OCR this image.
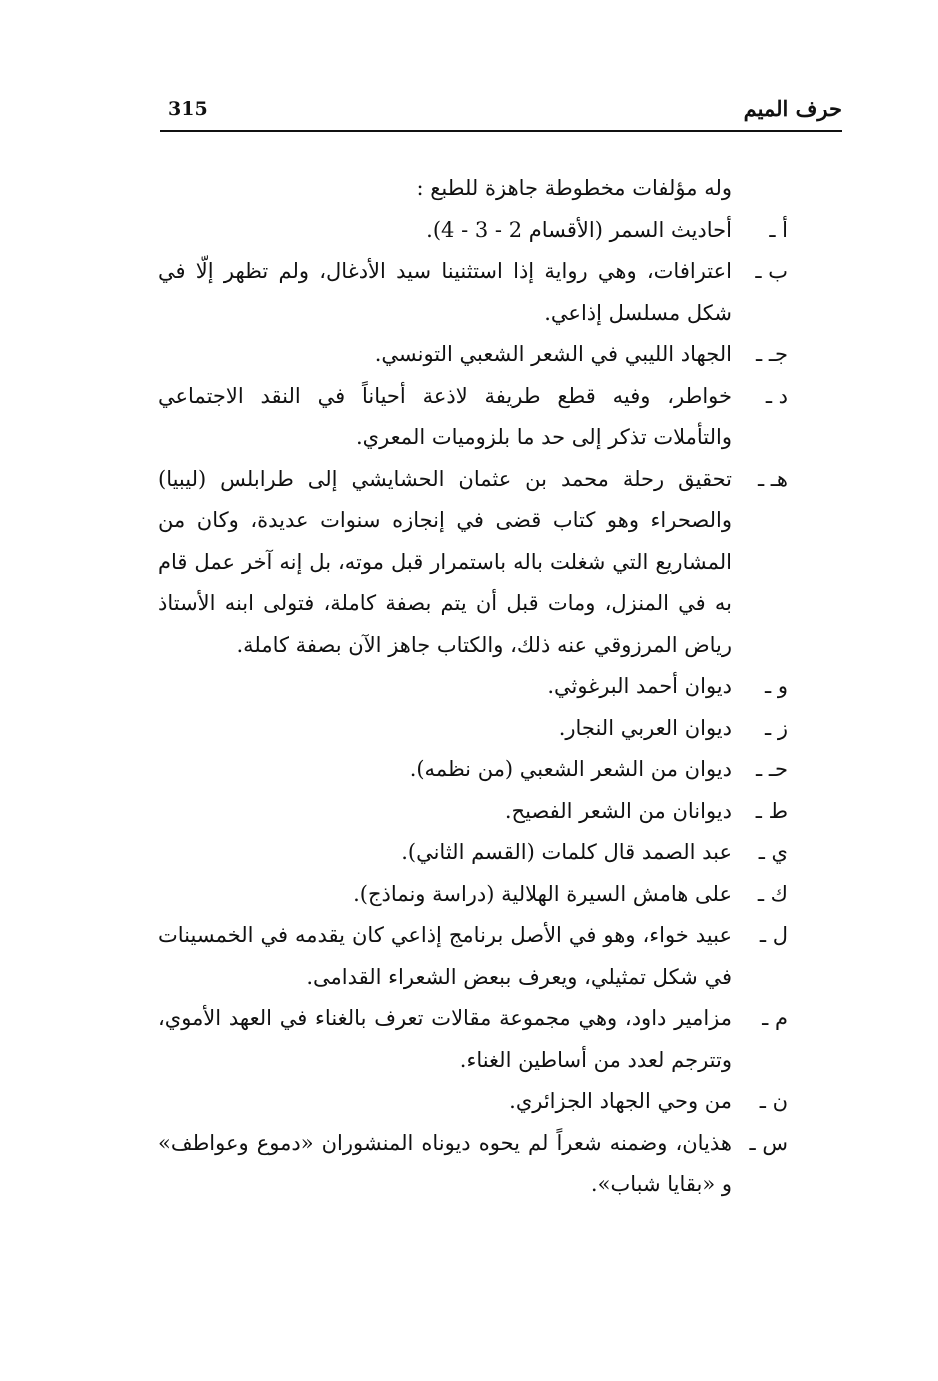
315	حرف الميم

وله مؤلفات مخطوطة جاهزة للطبع :

أ ـ
أحاديث السمر (الأقسام 2 - 3 - 4).
ب ـ
اعترافات، وهي رواية إذا استثنينا سيد الأدغال، ولم تظهر إلّا في شكل مسلسل إذاعي.
جـ ـ
الجهاد الليبي في الشعر الشعبي التونسي.
د ـ
خواطر، وفيه قطع طريفة لاذعة أحياناً في النقد الاجتماعي والتأملات تذكر إلى حد ما بلزوميات المعري.
هـ ـ
تحقيق رحلة محمد بن عثمان الحشايشي إلى طرابلس (ليبيا) والصحراء وهو كتاب قضى في إنجازه سنوات عديدة، وكان من المشاريع التي شغلت باله باستمرار قبل موته، بل إنه آخر عمل قام به في المنزل، ومات قبل أن يتم بصفة كاملة، فتولى ابنه الأستاذ رياض المرزوقي عنه ذلك، والكتاب جاهز الآن بصفة كاملة.
و ـ
ديوان أحمد البرغوثي.
ز ـ
ديوان العربي النجار.
حـ ـ
ديوان من الشعر الشعبي (من نظمه).
ط ـ
ديوانان من الشعر الفصيح.
ي ـ
عبد الصمد قال كلمات (القسم الثاني).
ك ـ
على هامش السيرة الهلالية (دراسة ونماذج).
ل ـ
عبيد خواء، وهو في الأصل برنامج إذاعي كان يقدمه في الخمسينات في شكل تمثيلي، ويعرف ببعض الشعراء القدامى.
م ـ
مزامير داود، وهي مجموعة مقالات تعرف بالغناء في العهد الأموي، وتترجم لعدد من أساطين الغناء.
ن ـ
من وحي الجهاد الجزائري.
س ـ
هذيان، وضمنه شعراً لم يحوه ديوناه المنشوران «دموع وعواطف» و «بقايا شباب».
